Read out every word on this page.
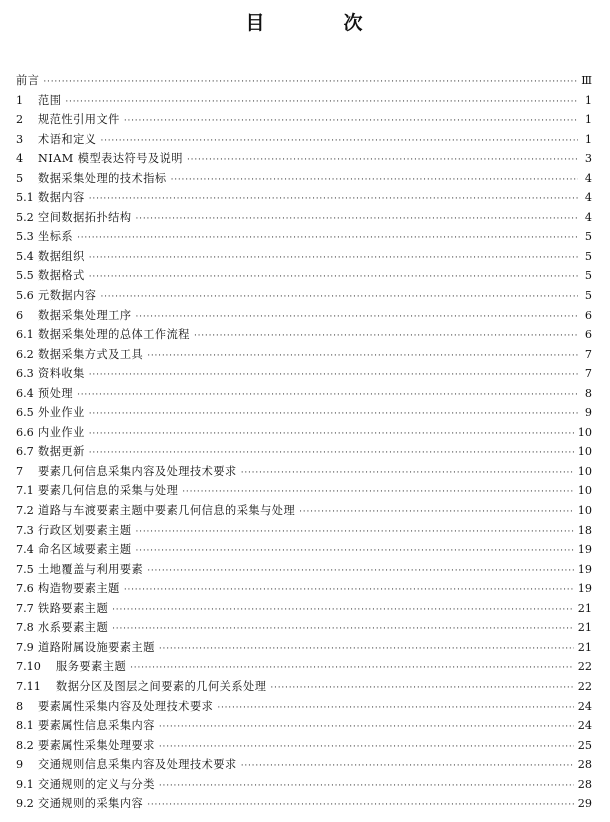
目　次
前言 ·····	Ⅲ
1	范围 ·····	1
2	规范性引用文件 ·····	1
3	术语和定义 ·····	1
4	NIAM 模型表达符号及说明 ·····	3
5	数据采集处理的技术指标 ·····	4
5.1 数据内容 ·····	4
5.2 空间数据拓扑结构 ·····	4
5.3 坐标系 ·····	5
5.4 数据组织 ·····	5
5.5 数据格式 ·····	5
5.6 元数据内容 ·····	5
6	数据采集处理工序 ·····	6
6.1 数据采集处理的总体工作流程 ·····	6
6.2 数据采集方式及工具 ·····	7
6.3 资料收集 ·····	7
6.4 预处理 ·····	8
6.5 外业作业 ·····	9
6.6 内业作业 ·····	10
6.7 数据更新 ·····	10
7	要素几何信息采集内容及处理技术要求 ·····	10
7.1 要素几何信息的采集与处理 ·····	10
7.2 道路与车渡要素主题中要素几何信息的采集与处理 ·····	10
7.3 行政区划要素主题 ·····	18
7.4 命名区域要素主题 ·····	19
7.5 土地覆盖与利用要素 ·····	19
7.6 构造物要素主题 ·····	19
7.7 铁路要素主题 ·····	21
7.8 水系要素主题 ·····	21
7.9 道路附属设施要素主题 ·····	21
7.10	服务要素主题 ·····	22
7.11	数据分区及图层之间要素的几何关系处理 ·····	22
8	要素属性采集内容及处理技术要求 ·····	24
8.1 要素属性信息采集内容 ·····	24
8.2 要素属性采集处理要求 ·····	25
9	交通规则信息采集内容及处理技术要求 ·····	28
9.1 交通规则的定义与分类 ·····	28
9.2 交通规则的采集内容 ·····	29
